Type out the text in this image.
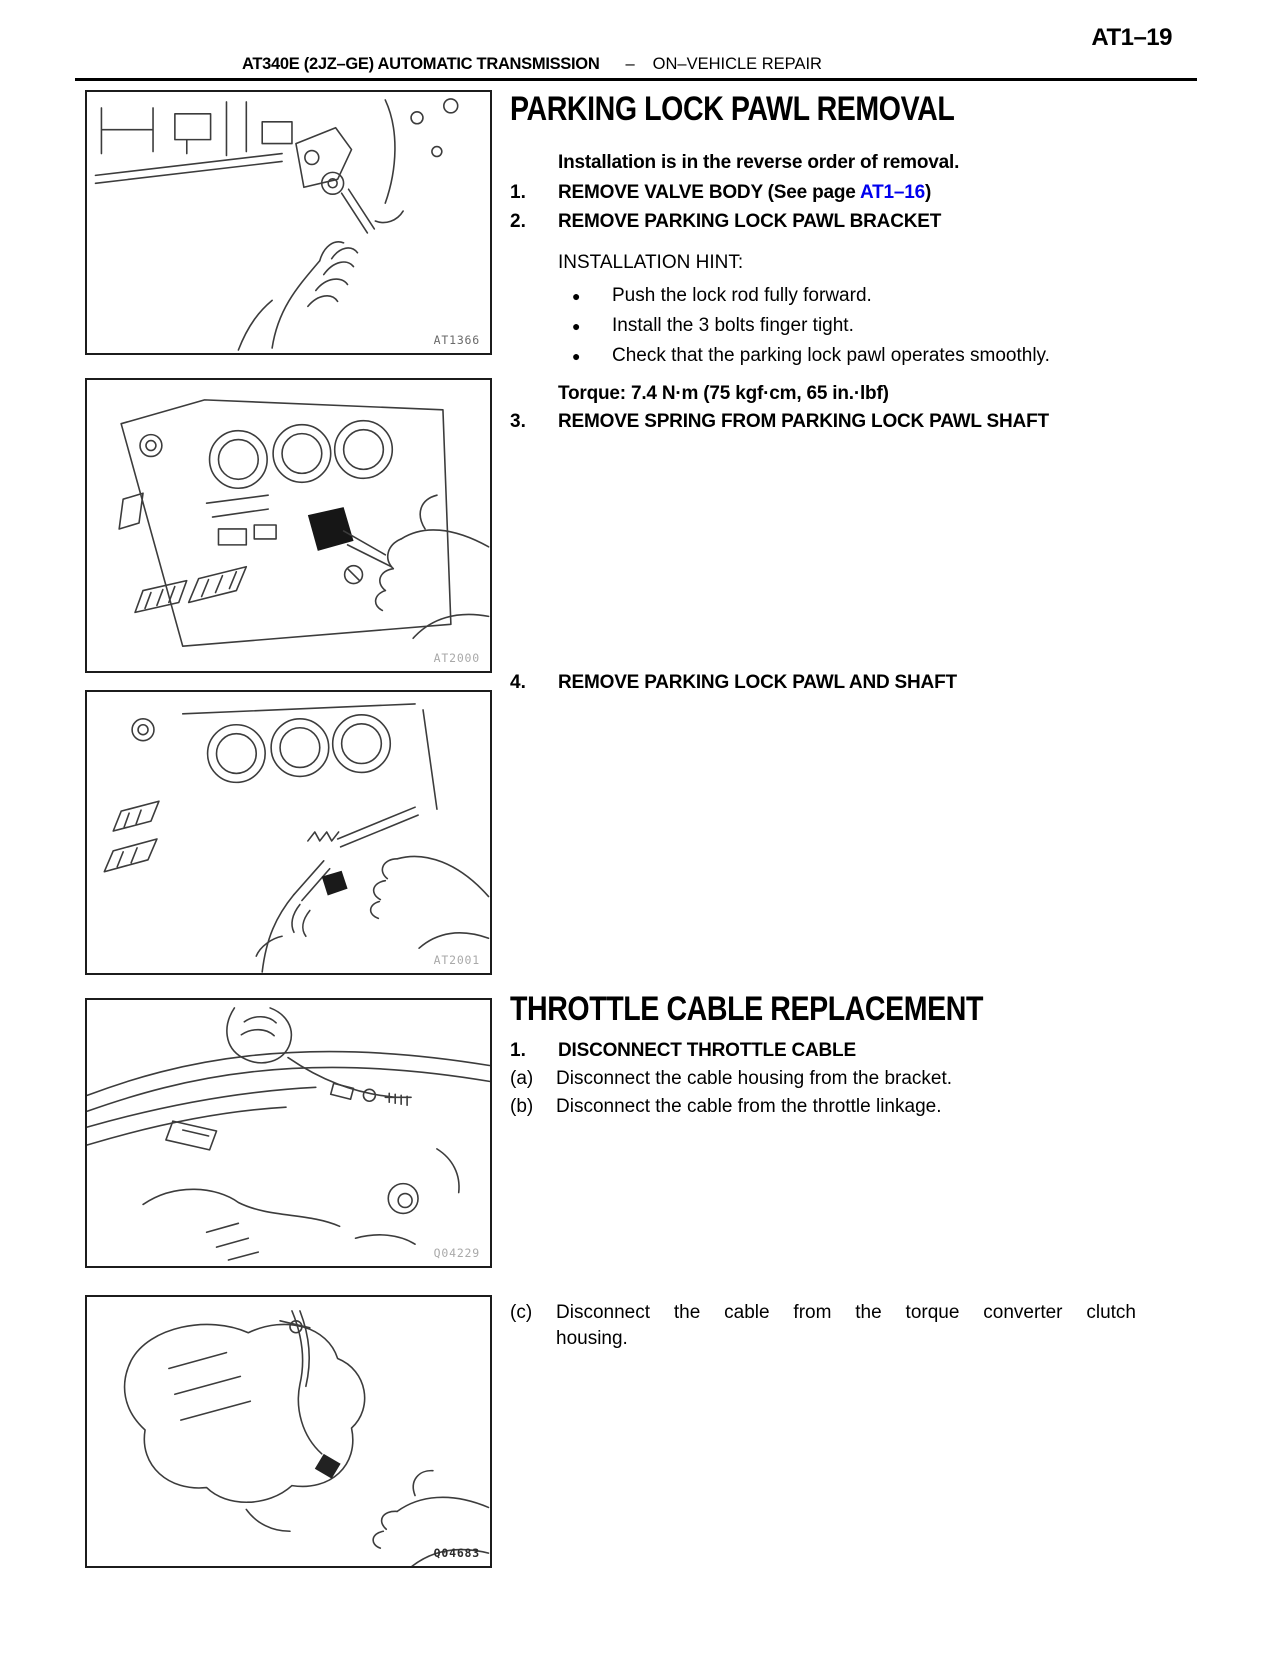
AT1–19
AT340E (2JZ–GE) AUTOMATIC TRANSMISSION – ON–VEHICLE REPAIR
AT1366
AT2000
AT2001
Q04229
Q04683
PARKING LOCK PAWL REMOVAL
Installation is in the reverse order of removal.
1.	REMOVE VALVE BODY (See page AT1–16)
2.	REMOVE PARKING LOCK PAWL BRACKET
INSTALLATION HINT:
●	Push the lock rod fully forward.
●	Install the 3 bolts finger tight.
●	Check that the parking lock pawl operates smoothly.
Torque: 7.4 N·m (75 kgf·cm, 65 in.·lbf)
3.	REMOVE SPRING FROM PARKING LOCK PAWL SHAFT
4.	REMOVE PARKING LOCK PAWL AND SHAFT
THROTTLE CABLE REPLACEMENT
1.	DISCONNECT THROTTLE CABLE
(a)	Disconnect the cable housing from the bracket.
(b)	Disconnect the cable from the throttle linkage.
(c)	Disconnect the cable from the torque converter clutch housing.
